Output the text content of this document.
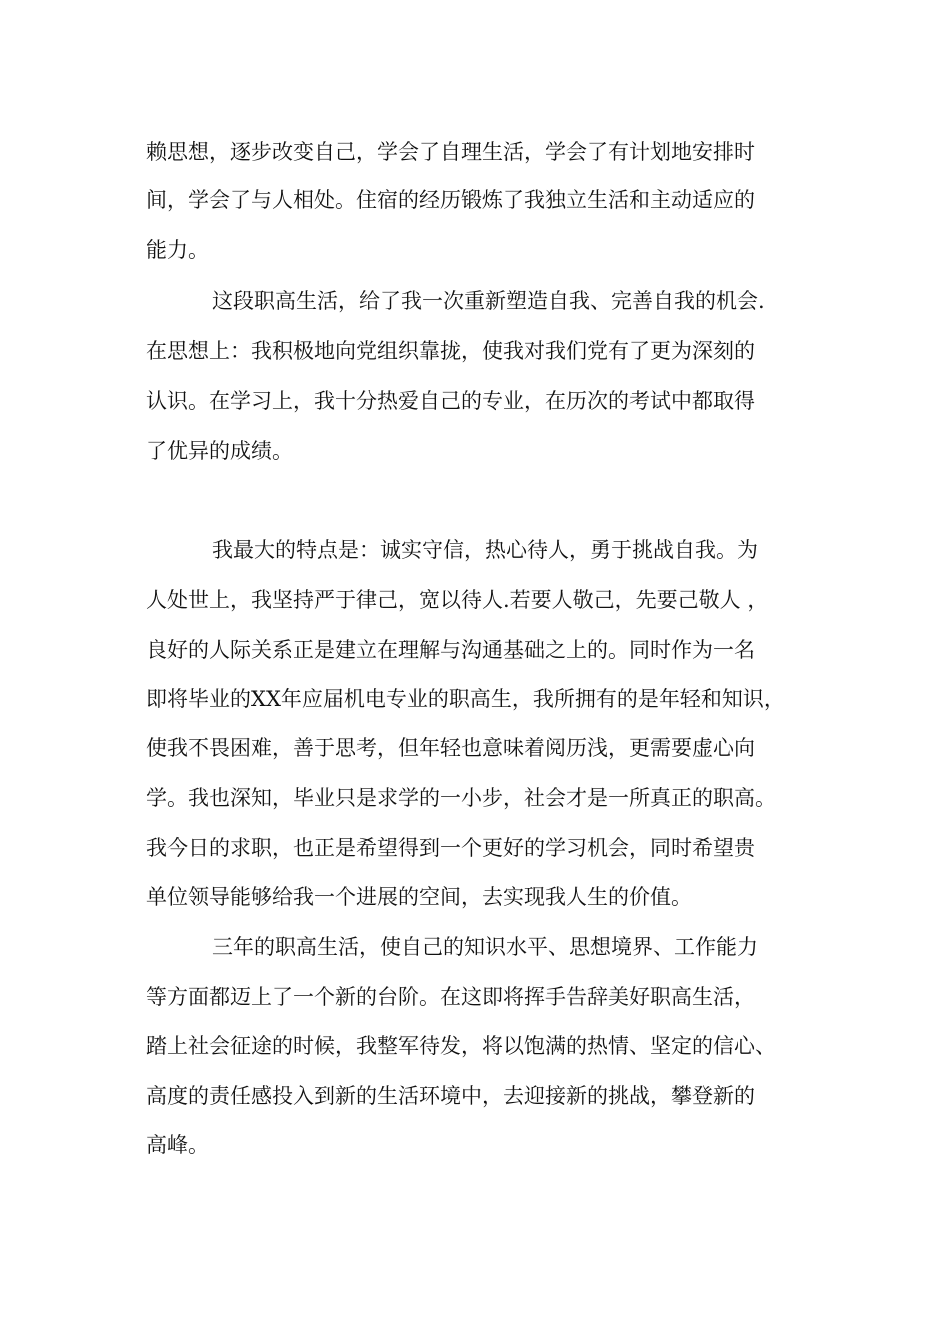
赖思想，逐步改变自己，学会了自理生活，学会了有计划地安排时
间，学会了与人相处。住宿的经历锻炼了我独立生活和主动适应的
能力。
这段职高生活，给了我一次重新塑造自我、完善自我的机会.
在思想上：我积极地向党组织靠拢，使我对我们党有了更为深刻的
认识。在学习上，我十分热爱自己的专业，在历次的考试中都取得
了优异的成绩。
我最大的特点是：诚实守信，热心待人，勇于挑战自我。为
人处世上，我坚持严于律己，宽以待人.若要人敬己，先要己敬人 ，
良好的人际关系正是建立在理解与沟通基础之上的。同时作为一名
即将毕业的XX年应届机电专业的职高生，我所拥有的是年轻和知识，
使我不畏困难，善于思考，但年轻也意味着阅历浅，更需要虚心向
学。我也深知，毕业只是求学的一小步，社会才是一所真正的职高。
我今日的求职，也正是希望得到一个更好的学习机会，同时希望贵
单位领导能够给我一个进展的空间，去实现我人生的价值。
三年的职高生活，使自己的知识水平、思想境界、工作能力
等方面都迈上了一个新的台阶。在这即将挥手告辞美好职高生活，
踏上社会征途的时候，我整军待发，将以饱满的热情、坚定的信心、
高度的责任感投入到新的生活环境中，去迎接新的挑战，攀登新的
高峰。
